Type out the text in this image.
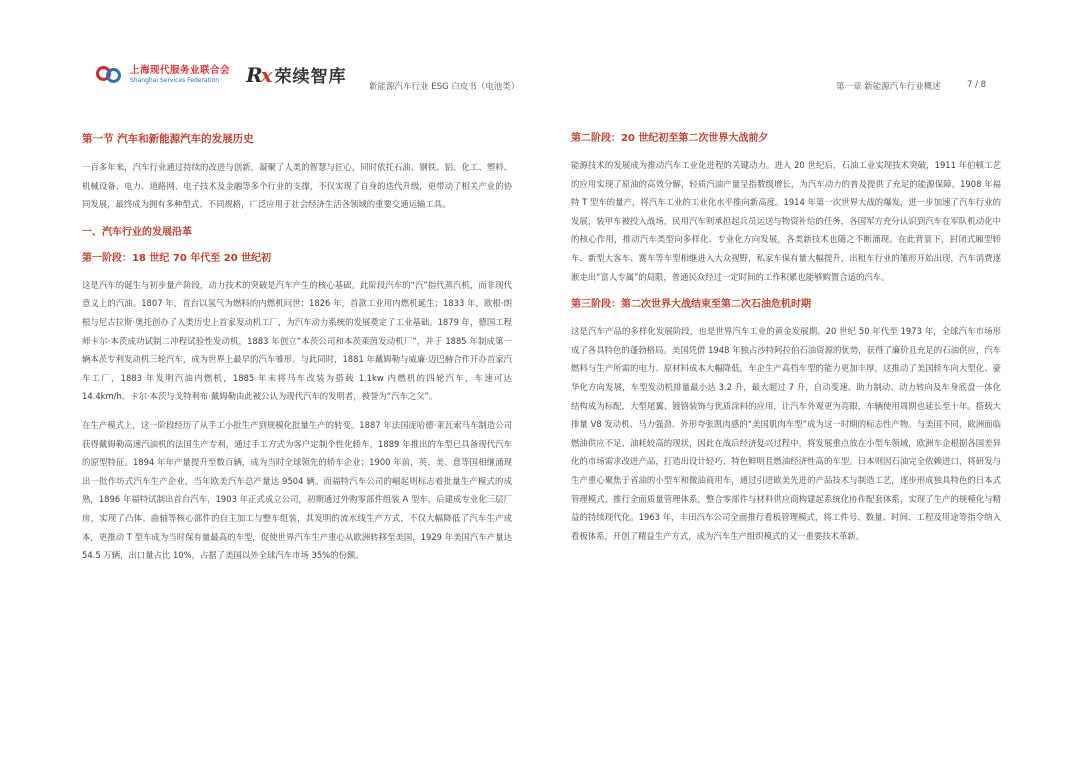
上海现代服务业联合会
Shanghai Services Federation	Rx 荣续智库	新能源汽车行业 ESG 白皮书（电池类）	第一章 新能源汽车行业概述	7 / 8

第一节 汽车和新能源汽车的发展历史

一百多年来，汽车行业通过持续的改进与创新，凝聚了人类的智慧与匠心，同时依托石油、钢铁、铝、化工、塑料、机械设备、电力、道路网、电子技术及金融等多个行业的支撑，不仅实现了自身的迭代升级，更带动了相关产业的协同发展，最终成为拥有多种型式、不同规格，广泛应用于社会经济生活各领域的重要交通运输工具。

一、汽车行业的发展沿革

第一阶段：18 世纪 70 年代至 20 世纪初

这是汽车的诞生与初步量产阶段，动力技术的突破是汽车产生的核心基础。此阶段汽车的“汽”指代蒸汽机，而非现代意义上的汽油。1807 年，首台以氢气为燃料的内燃机问世；1826 年，首款工业用内燃机诞生；1833 年，欧根·朗根与尼古拉斯·奥托创办了人类历史上首家发动机工厂，为汽车动力系统的发展奠定了工业基础。1879 年，德国工程师卡尔·本茨成功试制二冲程试验性发动机，1883 年创立“本茨公司和本茨莱茵发动机厂”，并于 1885 年制成第一辆本茨专利发动机三轮汽车，成为世界上最早的汽车雏形。与此同时，1881 年戴姆勒与威廉·迈巴赫合作开办首家汽车工厂，1883 年发明汽油内燃机，1885 年末将马车改装为搭载 1.1kw 内燃机的四轮汽车，车速可达 14.4km/h。卡尔·本茨与戈特利布·戴姆勒由此被公认为现代汽车的发明者，被誉为“汽车之父”。

在生产模式上，这一阶段经历了从手工小批生产到规模化批量生产的转变。1887 年法国庞哈德·莱瓦索马车制造公司获得戴姆勒高速汽油机的法国生产专利，通过手工方式为客户定制个性化轿车，1889 年推出的车型已具备现代汽车的原型特征。1894 年年产量提升至数百辆，成为当时全球领先的轿车企业；1900 年前，英、美、意等国相继涌现出一批作坊式汽车生产企业，当年欧美汽车总产量达 9504 辆。而福特汽车公司的崛起则标志着批量生产模式的成熟，1896 年福特试制出首台汽车，1903 年正式成立公司，初期通过外购零部件组装 A 型车，后建成专业化三层厂房，实现了凸体、曲轴等核心部件的自主加工与整车组装，其发明的流水线生产方式，不仅大幅降低了汽车生产成本，更推动 T 型车成为当时保有量最高的车型，促使世界汽车生产重心从欧洲转移至美国，1929 年美国汽车产量达 54.5 万辆，出口量占比 10%，占据了美国以外全球汽车市场 35%的份额。

第二阶段：20 世纪初至第二次世界大战前夕

能源技术的发展成为推动汽车工业化进程的关键动力。进入 20 世纪后，石油工业实现技术突破，1911 年伯顿工艺的应用实现了原油的高效分解，轻质汽油产量呈指数级增长，为汽车动力的普及提供了充足的能源保障。1908 年福特 T 型车的量产，将汽车工业的工业化水平推向新高度。1914 年第一次世界大战的爆发，进一步加速了汽车行业的发展，装甲车被投入战场，民用汽车则承担起兵员运送与物资补给的任务，各国军方充分认识到汽车在军队机动化中的核心作用，推动汽车类型向多样化、专业化方向发展，各类新技术也随之不断涌现。在此背景下，封闭式厢型轿车、新型大客车、赛车等车型相继进入大众视野，私家车保有量大幅提升，出租车行业的雏形开始出现，汽车消费逐渐走出“富人专属”的局限，普通民众经过一定时间的工作积累也能够购置合适的汽车。

第三阶段：第二次世界大战结束至第二次石油危机时期

这是汽车产品的多样化发展阶段，也是世界汽车工业的黄金发展期。20 世纪 50 年代至 1973 年，全球汽车市场形成了各具特色的蓬勃格局。美国凭借 1948 年独占沙特阿拉伯石油资源的优势，获得了廉价且充足的石油供应，汽车燃料与生产所需的电力、原材料成本大幅降低，车企生产高档车型的能力更加丰厚，这推动了美国轿车向大型化、豪华化方向发展，车型发动机排量最小达 3.2 升，最大超过 7 升，自动变速、助力制动、动力转向及车身底盘一体化结构成为标配，大型尾翼、镀铬装饰与优质涂料的应用，让汽车外观更为亮眼，车辆使用周期也延长至十年。搭载大排量 V8 发动机、马力强劲、外形夸张凯肉感的“美国肌肉车型”成为这一时期的标志性产物。与美国不同，欧洲面临燃油供应不足、油耗较高的现状，因此在战后经济复兴过程中，将发展重点放在小型车领域，欧洲车企根据各国差异化的市场需求改进产品，打造出设计轻巧、特色鲜明且燃油经济性高的车型。日本则因石油完全依赖进口，将研发与生产重心聚焦于省油的小型车和微油商用车，通过引进欧美先进的产品技术与制造工艺，逐步形成独具特色的日本式管理模式，推行全面质量管理体系，整合零部件与材料供应商构建起系统化协作配套体系，实现了生产的规模化与精益的持续现代化。1963 年，丰田汽车公司全面推行看板管理模式，将工件号、数量、时间、工程及用途等指令纳入看板体系，开创了精益生产方式，成为汽车生产组织模式的又一重要技术革新。
